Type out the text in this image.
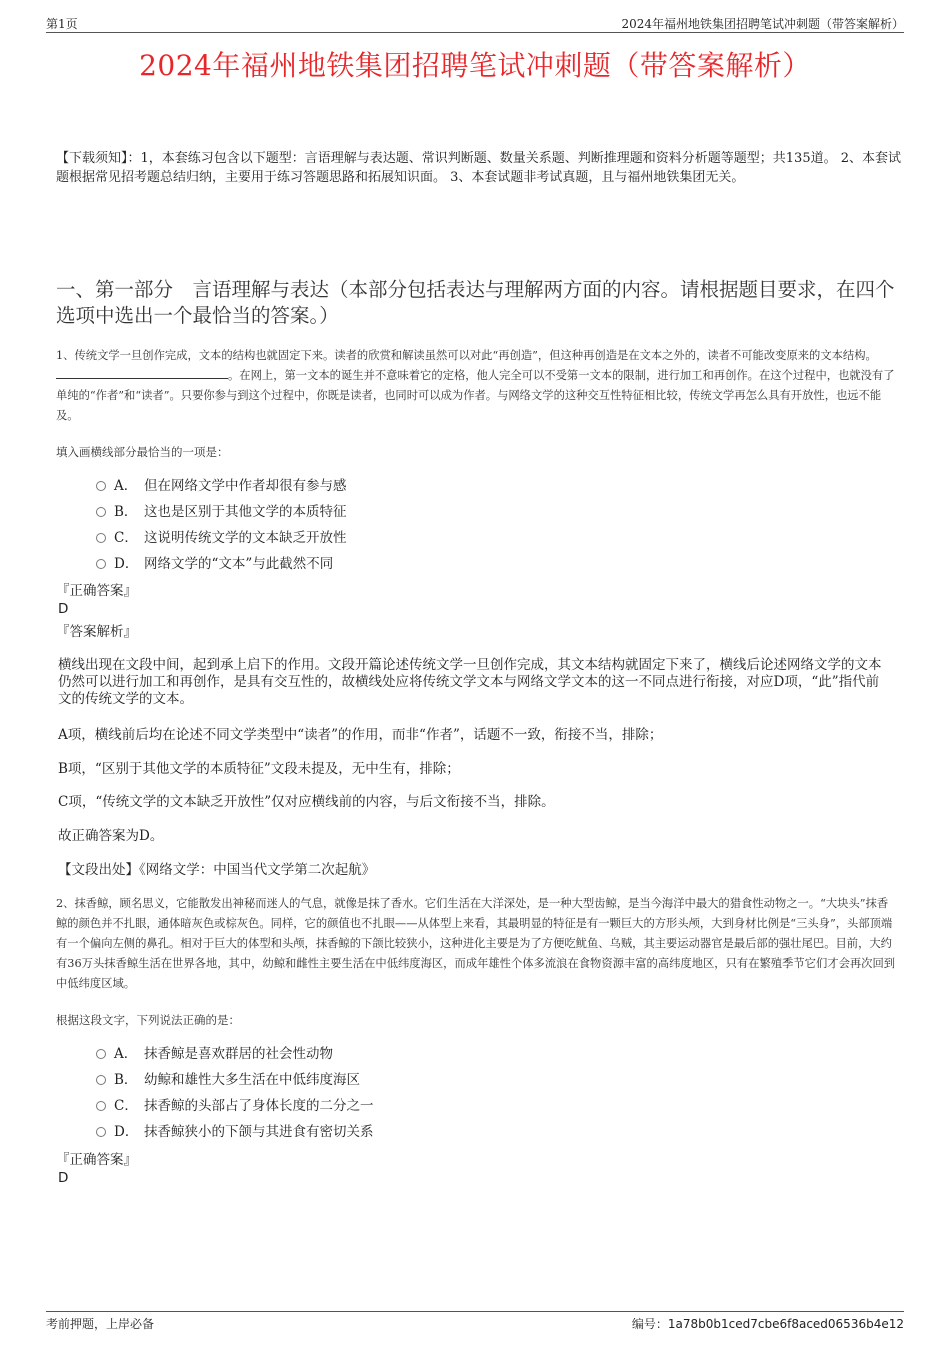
第1页	2024年福州地铁集团招聘笔试冲刺题（带答案解析）
2024年福州地铁集团招聘笔试冲刺题（带答案解析）
【下载须知】：1，本套练习包含以下题型：言语理解与表达题、常识判断题、数量关系题、判断推理题和资料分析题等题型；共135道。 2、本套试题根据常见招考题总结归纳，主要用于练习答题思路和拓展知识面。 3、本套试题非考试真题，且与福州地铁集团无关。
一、第一部分　言语理解与表达（本部分包括表达与理解两方面的内容。请根据题目要求，在四个选项中选出一个最恰当的答案。）
1、传统文学一旦创作完成，文本的结构也就固定下来。读者的欣赏和解读虽然可以对此“再创造”，但这种再创造是在文本之外的，读者不可能改变原来的文本结构。。在网上，第一文本的诞生并不意味着它的定格，他人完全可以不受第一文本的限制，进行加工和再创作。在这个过程中，也就没有了单纯的“作者”和“读者”。只要你参与到这个过程中，你既是读者，也同时可以成为作者。与网络文学的这种交互性特征相比较，传统文学再怎么具有开放性，也远不能及。
填入画横线部分最恰当的一项是：
A． 但在网络文学中作者却很有参与感
B． 这也是区别于其他文学的本质特征
C． 这说明传统文学的文本缺乏开放性
D． 网络文学的“文本”与此截然不同
『正确答案』
D
『答案解析』
横线出现在文段中间，起到承上启下的作用。文段开篇论述传统文学一旦创作完成，其文本结构就固定下来了，横线后论述网络文学的文本仍然可以进行加工和再创作，是具有交互性的，故横线处应将传统文学文本与网络文学文本的这一不同点进行衔接，对应D项，“此”指代前文的传统文学的文本。
A项，横线前后均在论述不同文学类型中“读者”的作用，而非“作者”，话题不一致，衔接不当，排除；
B项，“区别于其他文学的本质特征”文段未提及，无中生有，排除；
C项，“传统文学的文本缺乏开放性”仅对应横线前的内容，与后文衔接不当，排除。
故正确答案为D。
【文段出处】《网络文学：中国当代文学第二次起航》
2、抹香鲸，顾名思义，它能散发出神秘而迷人的气息，就像是抹了香水。它们生活在大洋深处，是一种大型齿鲸，是当今海洋中最大的猎食性动物之一。“大块头”抹香鲸的颜色并不扎眼，通体暗灰色或棕灰色。同样，它的颜值也不扎眼——从体型上来看，其最明显的特征是有一颗巨大的方形头颅，大到身材比例是“三头身”，头部顶端有一个偏向左侧的鼻孔。相对于巨大的体型和头颅，抹香鲸的下颌比较狭小，这种进化主要是为了方便吃鱿鱼、乌贼，其主要运动器官是最后部的强壮尾巴。目前，大约有36万头抹香鲸生活在世界各地，其中，幼鲸和雌性主要生活在中低纬度海区，而成年雄性个体多流浪在食物资源丰富的高纬度地区，只有在繁殖季节它们才会再次回到中低纬度区域。
根据这段文字，下列说法正确的是：
A． 抹香鲸是喜欢群居的社会性动物
B． 幼鲸和雄性大多生活在中低纬度海区
C． 抹香鲸的头部占了身体长度的二分之一
D． 抹香鲸狭小的下颌与其进食有密切关系
『正确答案』
D
考前押题，上岸必备	编号：1a78b0b1ced7cbe6f8aced06536b4e12
